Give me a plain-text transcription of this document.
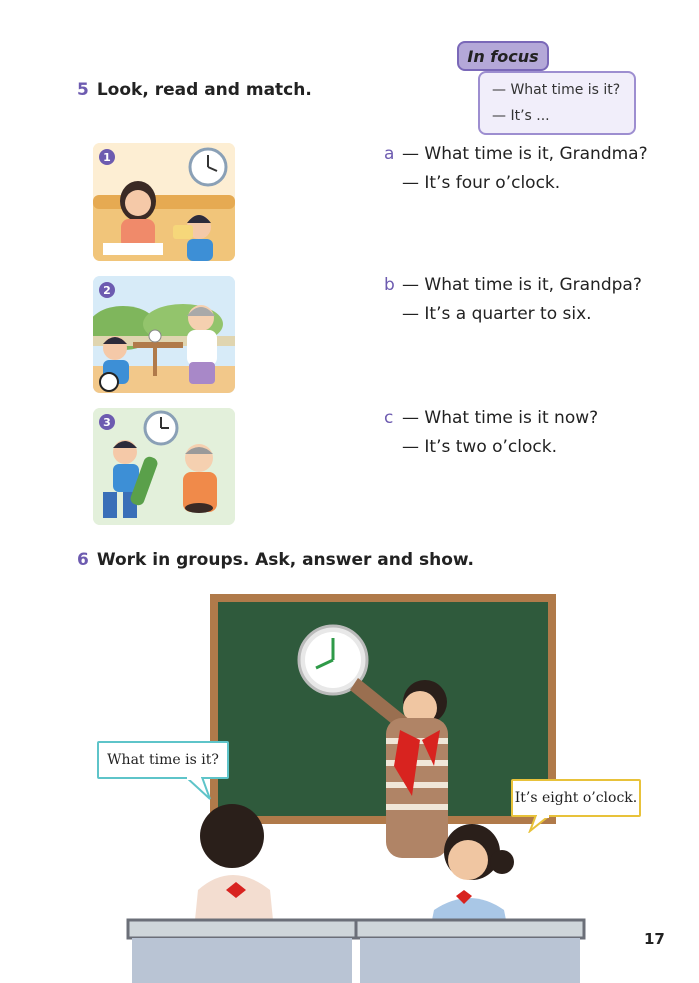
— What time is it?
— It’s ...
In focus
5 Look, read and match.
1
2
3
a — What time is it, Grandma?
— It’s four o’clock.
b — What time is it, Grandpa?
— It’s a quarter to six.
c — What time is it now?
— It’s two o’clock.
6 Work in groups. Ask, answer and show.
What time is it?
It’s eight o’clock.
17
